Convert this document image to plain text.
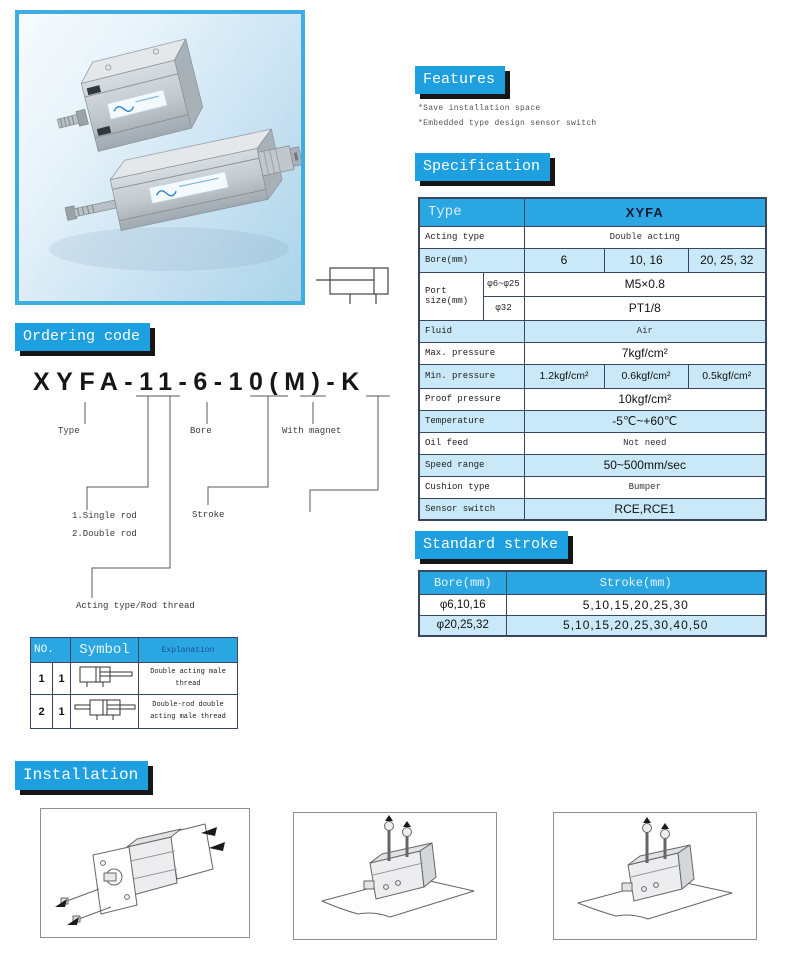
Features
*Save installation space
*Embedded type design sensor switch
Specification
Type		XYFA		
Acting type		Double acting		
Bore(mm)		6	10, 16	20, 25, 32
Port size(mm)	φ6~φ25	M5×0.8		
	φ32	PT1/8		
Fluid		Air		
Max. pressure		7kgf/cm²		
Min. pressure		1.2kgf/cm²	0.6kgf/cm²	0.5kgf/cm²
Proof pressure		10kgf/cm²		
Temperature		-5℃~+60℃		
Oil feed		Not need		
Speed range		50~500mm/sec		
Cushion type		Bumper		
Sensor switch		RCE,RCE1		
Standard stroke
Bore(mm)	Stroke(mm)
φ6,10,16	5,10,15,20,25,30
φ20,25,32	5,10,15,20,25,30,40,50
Ordering code
XYFA-11-6-10(M)-K
Type	Bore	With magnet
1.Single rod
2.Double rod
Stroke
Acting type/Rod thread
NO.		Symbol	Explanation
1	1		Double acting male thread
2	1		Double-rod double acting male thread
Installation
